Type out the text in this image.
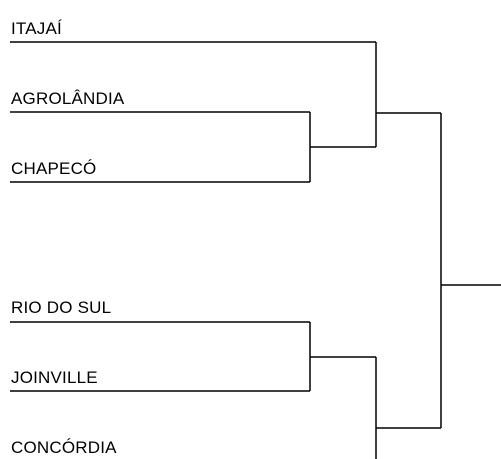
ITAJAÍ
AGROLÂNDIA
CHAPECÓ
RIO DO SUL
JOINVILLE
CONCÓRDIA
